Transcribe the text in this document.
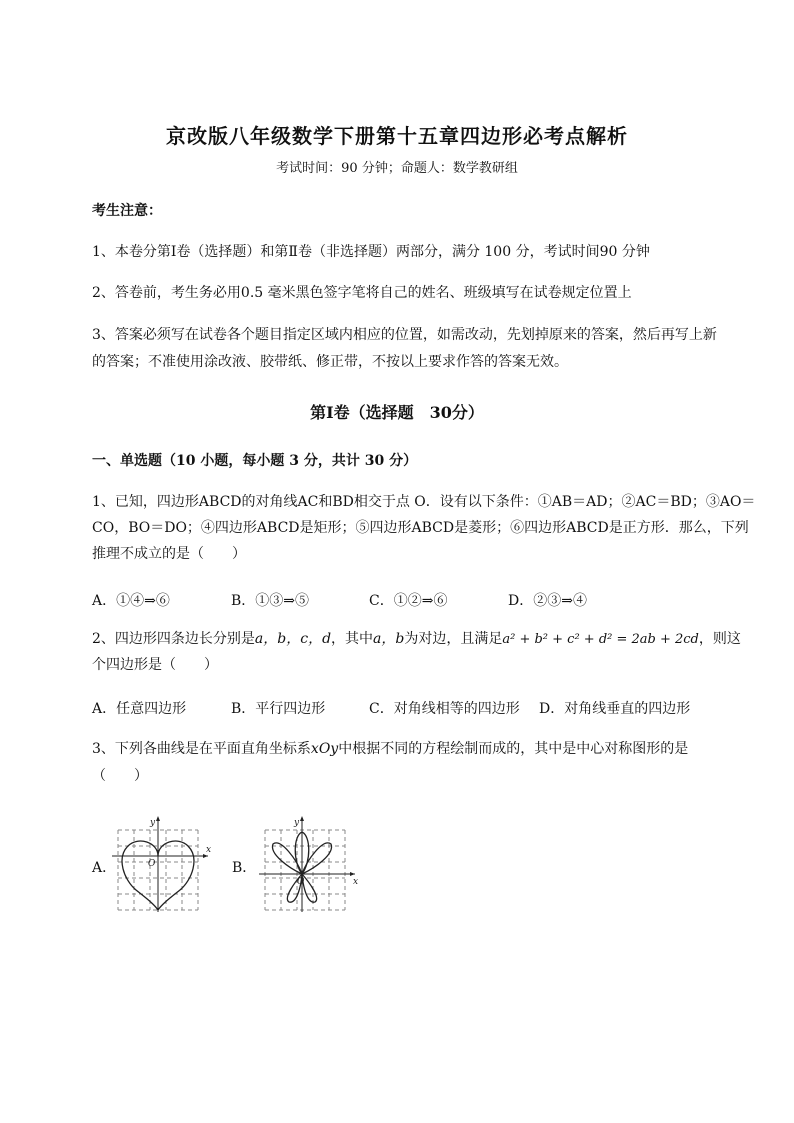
京改版八年级数学下册第十五章四边形必考点解析
考试时间：90 分钟；命题人：数学教研组
考生注意：
1、本卷分第Ⅰ卷（选择题）和第Ⅱ卷（非选择题）两部分，满分 100 分，考试时间90 分钟
2、答卷前，考生务必用0.5 毫米黑色签字笔将自己的姓名、班级填写在试卷规定位置上
3、答案必须写在试卷各个题目指定区域内相应的位置，如需改动，先划掉原来的答案，然后再写上新
的答案；不准使用涂改液、胶带纸、修正带，不按以上要求作答的答案无效。
第Ⅰ卷（选择题　30分）
一、单选题（10 小题，每小题 3 分，共计 30 分）
1、已知，四边形ABCD的对角线AC和BD相交于点 O．设有以下条件：①AB＝AD；②AC＝BD；③AO＝
CO，BO＝DO；④四边形ABCD是矩形；⑤四边形ABCD是菱形；⑥四边形ABCD是正方形．那么，下列
推理不成立的是（　　）
A．①④⇒⑥	B．①③⇒⑤	C．①②⇒⑥	D．②③⇒④
2、四边形四条边长分别是a，b，c，d，其中a，b为对边，且满足a² + b² + c² + d² = 2ab + 2cd，则这
个四边形是（　　）
A．任意四边形	B．平行四边形	C．对角线相等的四边形 D．对角线垂直的四边形
3、下列各曲线是在平面直角坐标系xOy中根据不同的方程绘制而成的，其中是中心对称图形的是
（　　）
A．
y
x
O	B．
y
x
O
